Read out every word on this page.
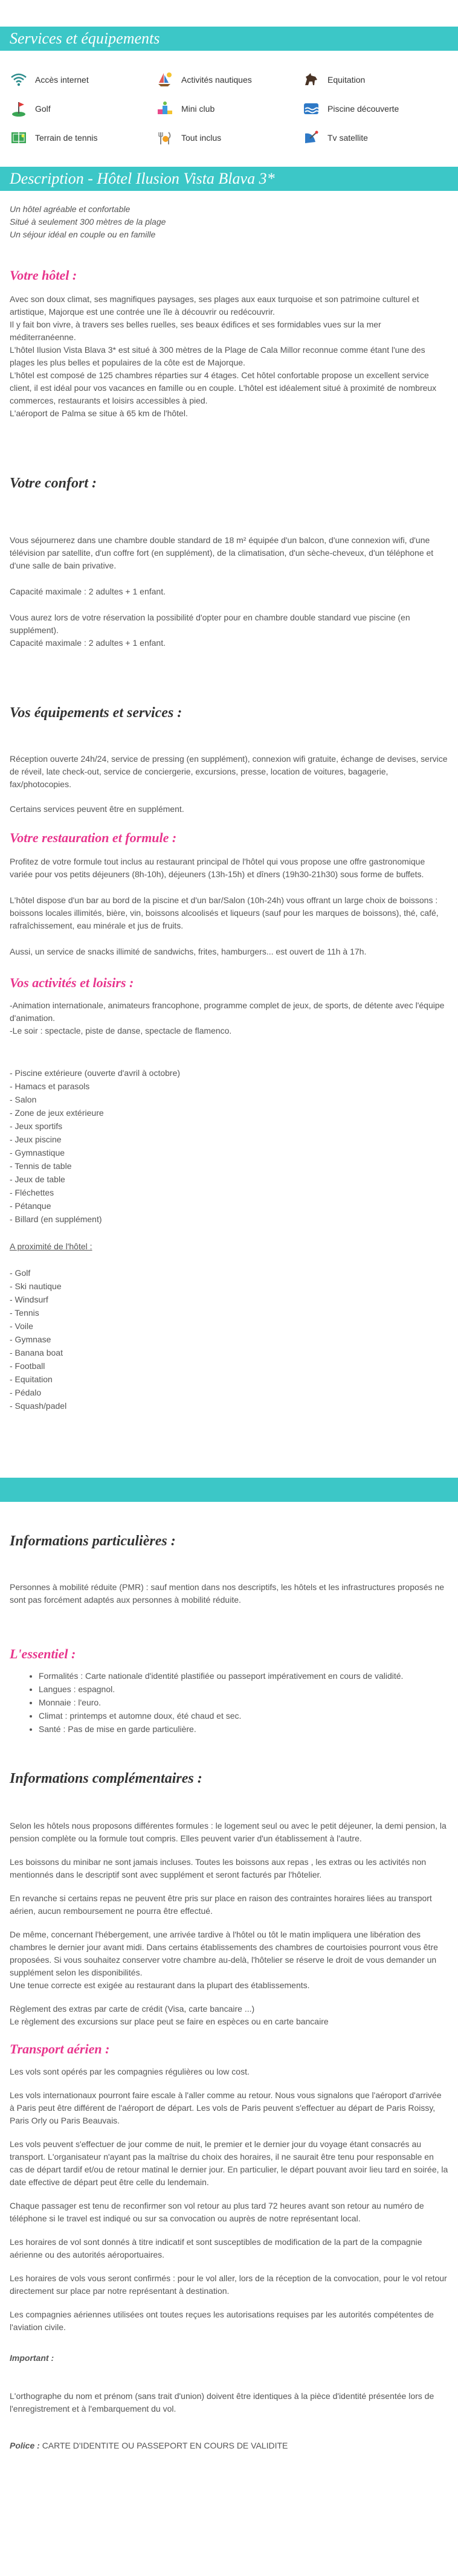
Services et équipements
Accès internet	Activités nautiques	Equitation
Golf	Mini club	Piscine découverte
Terrain de tennis	Tout inclus	Tv satellite
Description - Hôtel Ilusion Vista Blava 3*

Un hôtel agréable et confortable

Situé à seulement 300 mètres de la plage

Un séjour idéal en couple ou en famille

Votre hôtel :

Avec son doux climat, ses magnifiques paysages, ses plages aux eaux turquoise et son patrimoine culturel et artistique, Majorque est une contrée une île à découvrir ou redécouvrir.

Il y fait bon vivre, à travers ses belles ruelles, ses beaux édifices et ses formidables vues sur la mer méditerranéenne.

L'hôtel Ilusion Vista Blava 3* est situé à 300 mètres de la Plage de Cala Millor reconnue comme étant l'une des plages les plus belles et populaires de la côte est de Majorque.

L'hôtel est composé de 125 chambres réparties sur 4 étages. Cet hôtel confortable propose un excellent service client, il est idéal pour vos vacances en famille ou en couple. L'hôtel est idéalement situé à proximité de nombreux commerces, restaurants et loisirs accessibles à pied.

L'aéroport de Palma se situe à 65 km de l'hôtel.

Votre confort :

Vous séjournerez dans une chambre double standard de 18 m² équipée d'un balcon, d'une connexion wifi, d'une télévision par satellite, d'un coffre fort (en supplément), de la climatisation, d'un sèche-cheveux, d'un téléphone et d'une salle de bain privative.

Capacité maximale : 2 adultes + 1 enfant.

Vous aurez lors de votre réservation la possibilité d'opter pour en chambre double standard vue piscine (en supplément).

Capacité maximale : 2 adultes + 1 enfant.

Vos équipements et services :

Réception ouverte 24h/24, service de pressing (en supplément), connexion wifi gratuite, échange de devises, service de réveil, late check-out, service de conciergerie, excursions, presse, location de voitures, bagagerie, fax/photocopies.

Certains services peuvent être en supplément.

Votre restauration et formule :

Profitez de votre formule tout inclus au restaurant principal de l'hôtel qui vous propose une offre gastronomique variée pour vos petits déjeuners (8h-10h), déjeuners (13h-15h) et dîners (19h30-21h30) sous forme de buffets.

L'hôtel dispose d'un bar au bord de la piscine et d'un bar/Salon (10h-24h) vous offrant un large choix de boissons : boissons locales illimités, bière, vin, boissons alcoolisés et liqueurs (sauf pour les marques de boissons), thé, café, rafraîchissement, eau minérale et jus de fruits.

Aussi, un service de snacks illimité de sandwichs, frites, hamburgers... est ouvert de 11h à 17h.

Vos activités et loisirs :

-Animation internationale, animateurs francophone, programme complet de jeux, de sports, de détente avec l'équipe d'animation.

-Le soir : spectacle, piste de danse, spectacle de flamenco.

- Piscine extérieure (ouverte d'avril à octobre)
- Hamacs et parasols
- Salon
- Zone de jeux extérieure
- Jeux sportifs
- Jeux piscine
- Gymnastique
- Tennis de table
- Jeux de table
- Fléchettes
- Pétanque
- Billard (en supplément)
A proximité de l'hôtel :
- Golf
- Ski nautique
- Windsurf
- Tennis
- Voile
- Gymnase
- Banana boat
- Football
- Equitation
- Pédalo
- Squash/padel
Informations particulières :

Personnes à mobilité réduite (PMR) : sauf mention dans nos descriptifs, les hôtels et les infrastructures proposés ne sont pas forcément adaptés aux personnes à mobilité réduite.

L'essentiel :
• Formalités : Carte nationale d'identité plastifiée ou passeport impérativement en cours de validité.
• Langues : espagnol.
• Monnaie : l'euro.
• Climat : printemps et automne doux, été chaud et sec.
• Santé : Pas de mise en garde particulière.
Informations complémentaires :

Selon les hôtels nous proposons différentes formules : le logement seul ou avec le petit déjeuner, la demi pension, la pension complète ou la formule tout compris. Elles peuvent varier d'un établissement à l'autre.

Les boissons du minibar ne sont jamais incluses. Toutes les boissons aux repas , les extras ou les activités non mentionnés dans le descriptif sont avec supplément et seront facturés par l'hôtelier.

En revanche si certains repas ne peuvent être pris sur place en raison des contraintes horaires liées au transport aérien, aucun remboursement ne pourra être effectué.

De même, concernant l'hébergement, une arrivée tardive à l'hôtel ou tôt le matin impliquera une libération des chambres le dernier jour avant midi. Dans certains établissements des chambres de courtoisies pourront vous être proposées. Si vous souhaitez conserver votre chambre au-delà, l'hôtelier se réserve le droit de vous demander un supplément selon les disponibilités.

Une tenue correcte est exigée au restaurant dans la plupart des établissements.

Règlement des extras par carte de crédit (Visa, carte bancaire ...)

Le règlement des excursions sur place peut se faire en espèces ou en carte bancaire

Transport aérien :

Les vols sont opérés par les compagnies régulières ou low cost.

Les vols internationaux pourront faire escale à l'aller comme au retour. Nous vous signalons que l'aéroport d'arrivée à Paris peut être différent de l'aéroport de départ. Les vols de Paris peuvent s'effectuer au départ de Paris Roissy, Paris Orly ou Paris Beauvais.

Les vols peuvent s'effectuer de jour comme de nuit, le premier et le dernier jour du voyage étant consacrés au transport. L'organisateur n'ayant pas la maîtrise du choix des horaires, il ne saurait être tenu pour responsable en cas de départ tardif et/ou de retour matinal le dernier jour. En particulier, le départ pouvant avoir lieu tard en soirée, la date effective de départ peut être celle du lendemain.

Chaque passager est tenu de reconfirmer son vol retour au plus tard 72 heures avant son retour au numéro de téléphone si le travel est indiqué ou sur sa convocation ou auprès de notre représentant local.

Les horaires de vol sont donnés à titre indicatif et sont susceptibles de modification de la part de la compagnie aérienne ou des autorités aéroportuaires.

Les horaires de vols vous seront confirmés : pour le vol aller, lors de la réception de la convocation, pour le vol retour directement sur place par notre représentant à destination.

Les compagnies aériennes utilisées ont toutes reçues les autorisations requises par les autorités compétentes de l'aviation civile.

Important :

L'orthographe du nom et prénom (sans trait d'union) doivent être identiques à la pièce d'identité présentée lors de l'enregistrement et à l'embarquement du vol.

Police : CARTE D'IDENTITE OU PASSEPORT EN COURS DE VALIDITE
